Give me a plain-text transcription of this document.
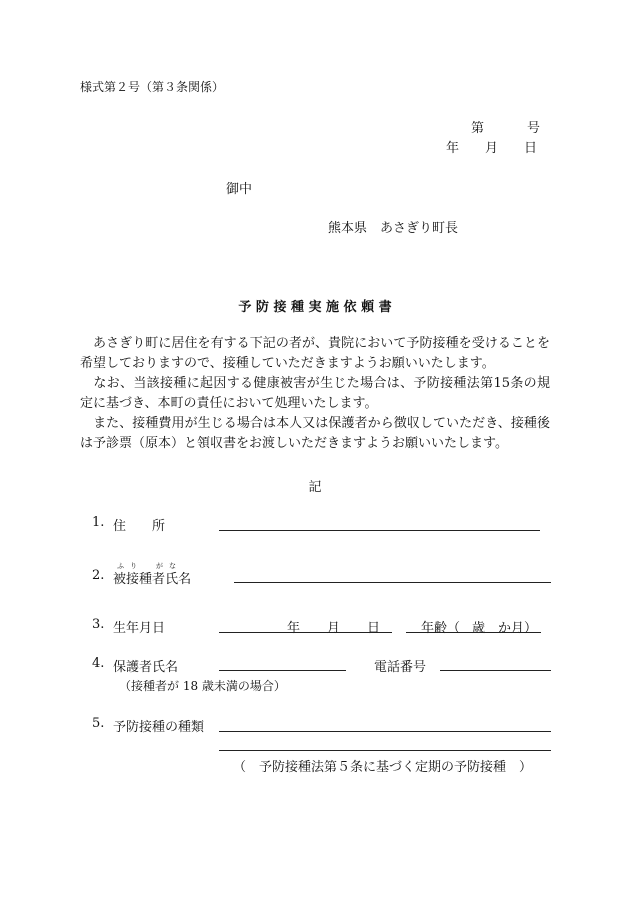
様式第２号（第３条関係）
第	号
年 月 日
御中
熊本県　あさぎり町長
予 防 接 種 実 施 依 頼 書
　あさぎり町に居住を有する下記の者が、貴院において予防接種を受けることを希望しておりますので、接種していただきますようお願いいたします。
　なお、当該接種に起因する健康被害が生じた場合は、予防接種法第15条の規定に基づき、本町の責任において処理いたします。
　また、接種費用が生じる場合は本人又は保護者から徴収していただき、接種後は予診票（原本）と領収書をお渡しいただきますようお願いいたします。
記
1. 住　　所
2. 被接種者氏名
ふ り	が な
3. 生年月日	年 月 日	年齢（ 歳 か月）
4. 保護者氏名	電話番号
（接種者が 18 歳未満の場合）
5. 予防接種の種類
（　予防接種法第５条に基づく定期の予防接種　）
